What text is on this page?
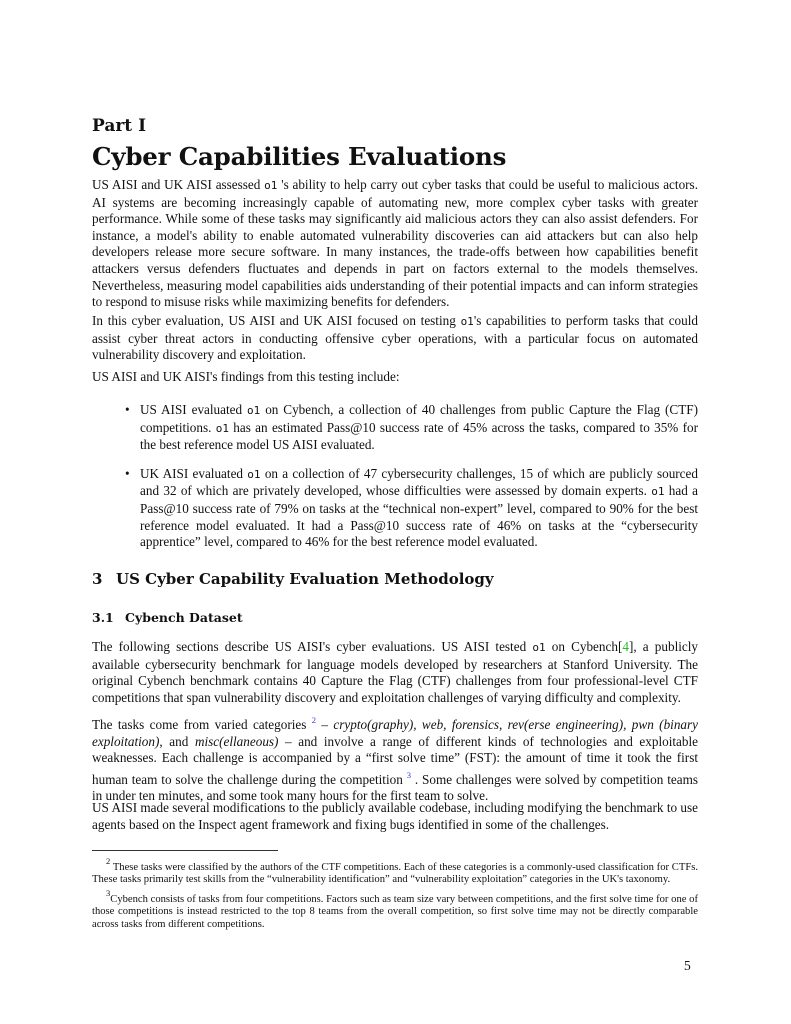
Part I
Cyber Capabilities Evaluations

US AISI and UK AISI assessed o1 's ability to help carry out cyber tasks that could be useful to malicious actors. AI systems are becoming increasingly capable of automating new, more complex cyber tasks with greater performance. While some of these tasks may significantly aid malicious actors they can also assist defenders. For instance, a model's ability to enable automated vulnerability discoveries can aid attackers but can also help developers release more secure software. In many instances, the trade-offs between how capabilities benefit attackers versus defenders fluctuates and depends in part on factors external to the models themselves. Nevertheless, measuring model capabilities aids understanding of their potential impacts and can inform strategies to respond to misuse risks while maximizing benefits for defenders.

In this cyber evaluation, US AISI and UK AISI focused on testing o1's capabilities to perform tasks that could assist cyber threat actors in conducting offensive cyber operations, with a particular focus on automated vulnerability discovery and exploitation.

US AISI and UK AISI's findings from this testing include:

• US AISI evaluated o1 on Cybench, a collection of 40 challenges from public Capture the Flag (CTF) competitions. o1 has an estimated Pass@10 success rate of 45% across the tasks, compared to 35% for the best reference model US AISI evaluated.
• UK AISI evaluated o1 on a collection of 47 cybersecurity challenges, 15 of which are publicly sourced and 32 of which are privately developed, whose difficulties were assessed by domain experts. o1 had a Pass@10 success rate of 79% on tasks at the “technical non-expert” level, compared to 90% for the best reference model evaluated. It had a Pass@10 success rate of 46% on tasks at the “cybersecurity apprentice” level, compared to 46% for the best reference model evaluated.
3 US Cyber Capability Evaluation Methodology
3.1 Cybench Dataset

The following sections describe US AISI's cyber evaluations. US AISI tested o1 on Cybench[4], a publicly available cybersecurity benchmark for language models developed by researchers at Stanford University. The original Cybench benchmark contains 40 Capture the Flag (CTF) challenges from four professional-level CTF competitions that span vulnerability discovery and exploitation challenges of varying difficulty and complexity.

The tasks come from varied categories $^2$ – crypto(graphy), web, forensics, rev(erse engineering), pwn (binary exploitation), and misc(ellaneous) – and involve a range of different kinds of technologies and exploitable weaknesses. Each challenge is accompanied by a “first solve time” (FST): the amount of time it took the first human team to solve the challenge during the competition $^3$ . Some challenges were solved by competition teams in under ten minutes, and some took many hours for the first team to solve.

US AISI made several modifications to the publicly available codebase, including modifying the benchmark to use agents based on the Inspect agent framework and fixing bugs identified in some of the challenges.

$^2$ These tasks were classified by the authors of the CTF competitions. Each of these categories is a commonly-used classification for CTFs. These tasks primarily test skills from the “vulnerability identification” and “vulnerability exploitation” categories in the UK's taxonomy.
$^3$Cybench consists of tasks from four competitions. Factors such as team size vary between competitions, and the first solve time for one of those competitions is instead restricted to the top 8 teams from the overall competition, so first solve time may not be directly comparable across tasks from different competitions.
5
